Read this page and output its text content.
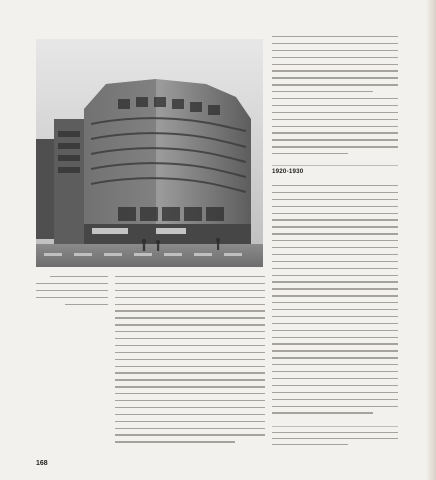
1920-1930
168
